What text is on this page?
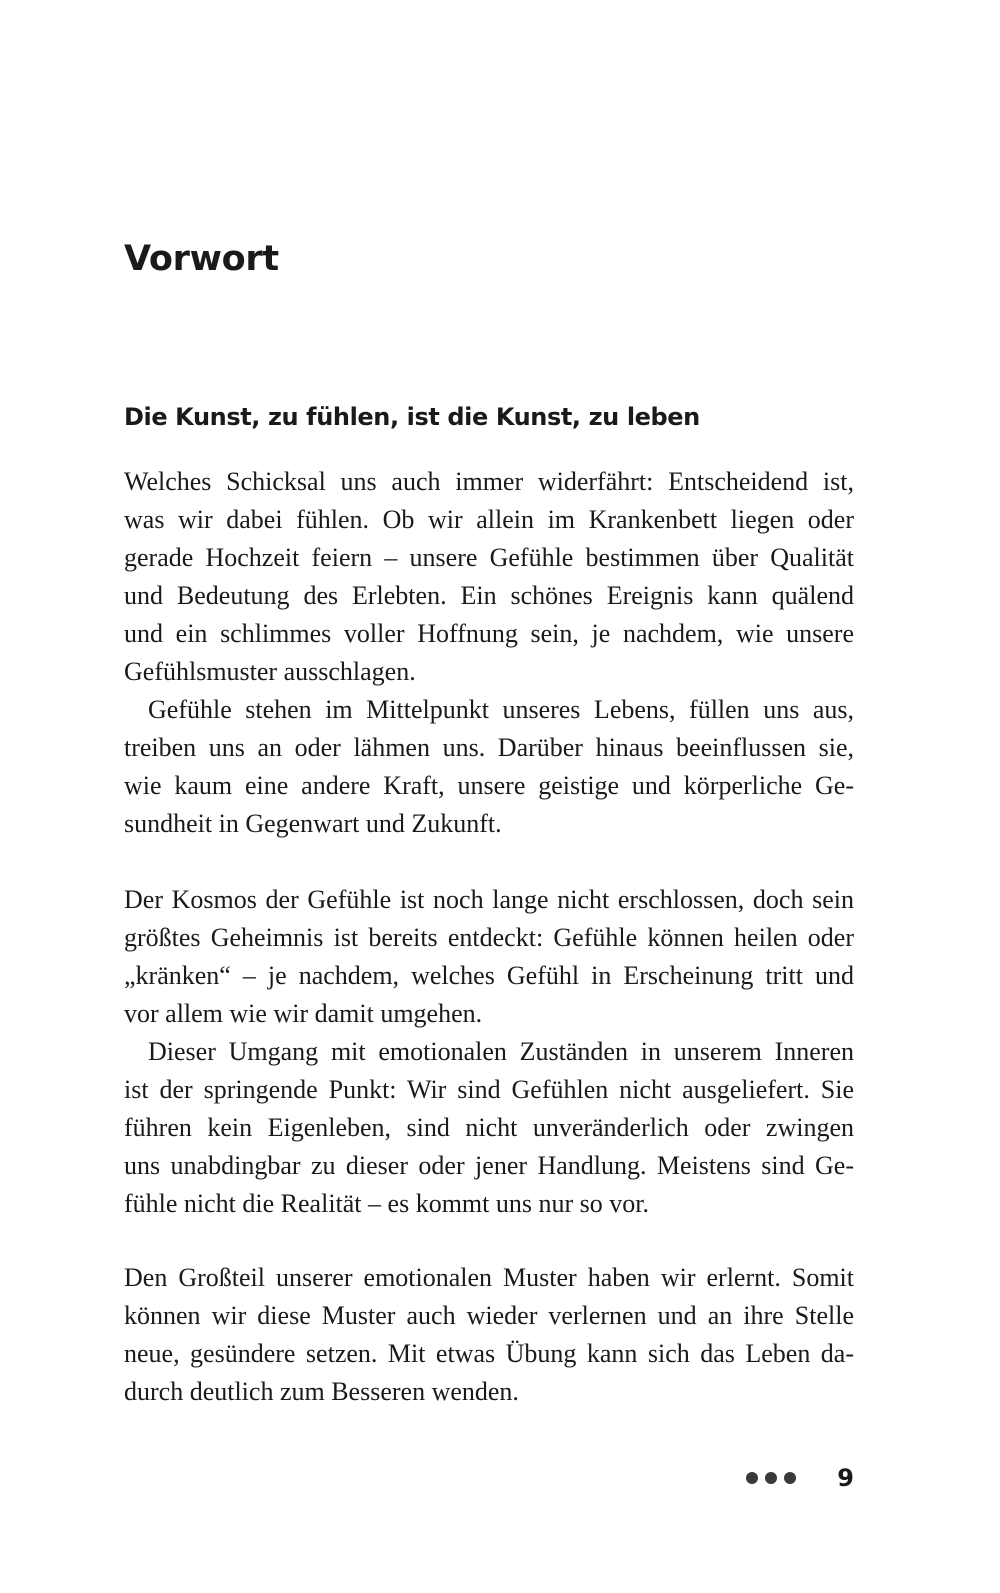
Vorwort
Die Kunst, zu fühlen, ist die Kunst, zu leben

Welches Schicksal uns auch immer widerfährt: Entscheidend ist,
was wir dabei fühlen. Ob wir allein im Krankenbett liegen oder
gerade Hochzeit feiern – unsere Gefühle bestimmen über Qualität
und Bedeutung des Erlebten. Ein schönes Ereignis kann quälend
und ein schlimmes voller Hoffnung sein, je nachdem, wie unsere
Gefühlsmuster ausschlagen.

Gefühle stehen im Mittelpunkt unseres Lebens, füllen uns aus,
treiben uns an oder lähmen uns. Darüber hinaus beeinflussen sie,
wie kaum eine andere Kraft, unsere geistige und körperliche Ge-
sundheit in Gegenwart und Zukunft.

Der Kosmos der Gefühle ist noch lange nicht erschlossen, doch sein
größtes Geheimnis ist bereits entdeckt: Gefühle können heilen oder
„kränken“ – je nachdem, welches Gefühl in Erscheinung tritt und
vor allem wie wir damit umgehen.

Dieser Umgang mit emotionalen Zuständen in unserem Inneren
ist der springende Punkt: Wir sind Gefühlen nicht ausgeliefert. Sie
führen kein Eigenleben, sind nicht unveränderlich oder zwingen
uns unabdingbar zu dieser oder jener Handlung. Meistens sind Ge-
fühle nicht die Realität – es kommt uns nur so vor.

Den Großteil unserer emotionalen Muster haben wir erlernt. Somit
können wir diese Muster auch wieder verlernen und an ihre Stelle
neue, gesündere setzen. Mit etwas Übung kann sich das Leben da-
durch deutlich zum Besseren wenden.

9
